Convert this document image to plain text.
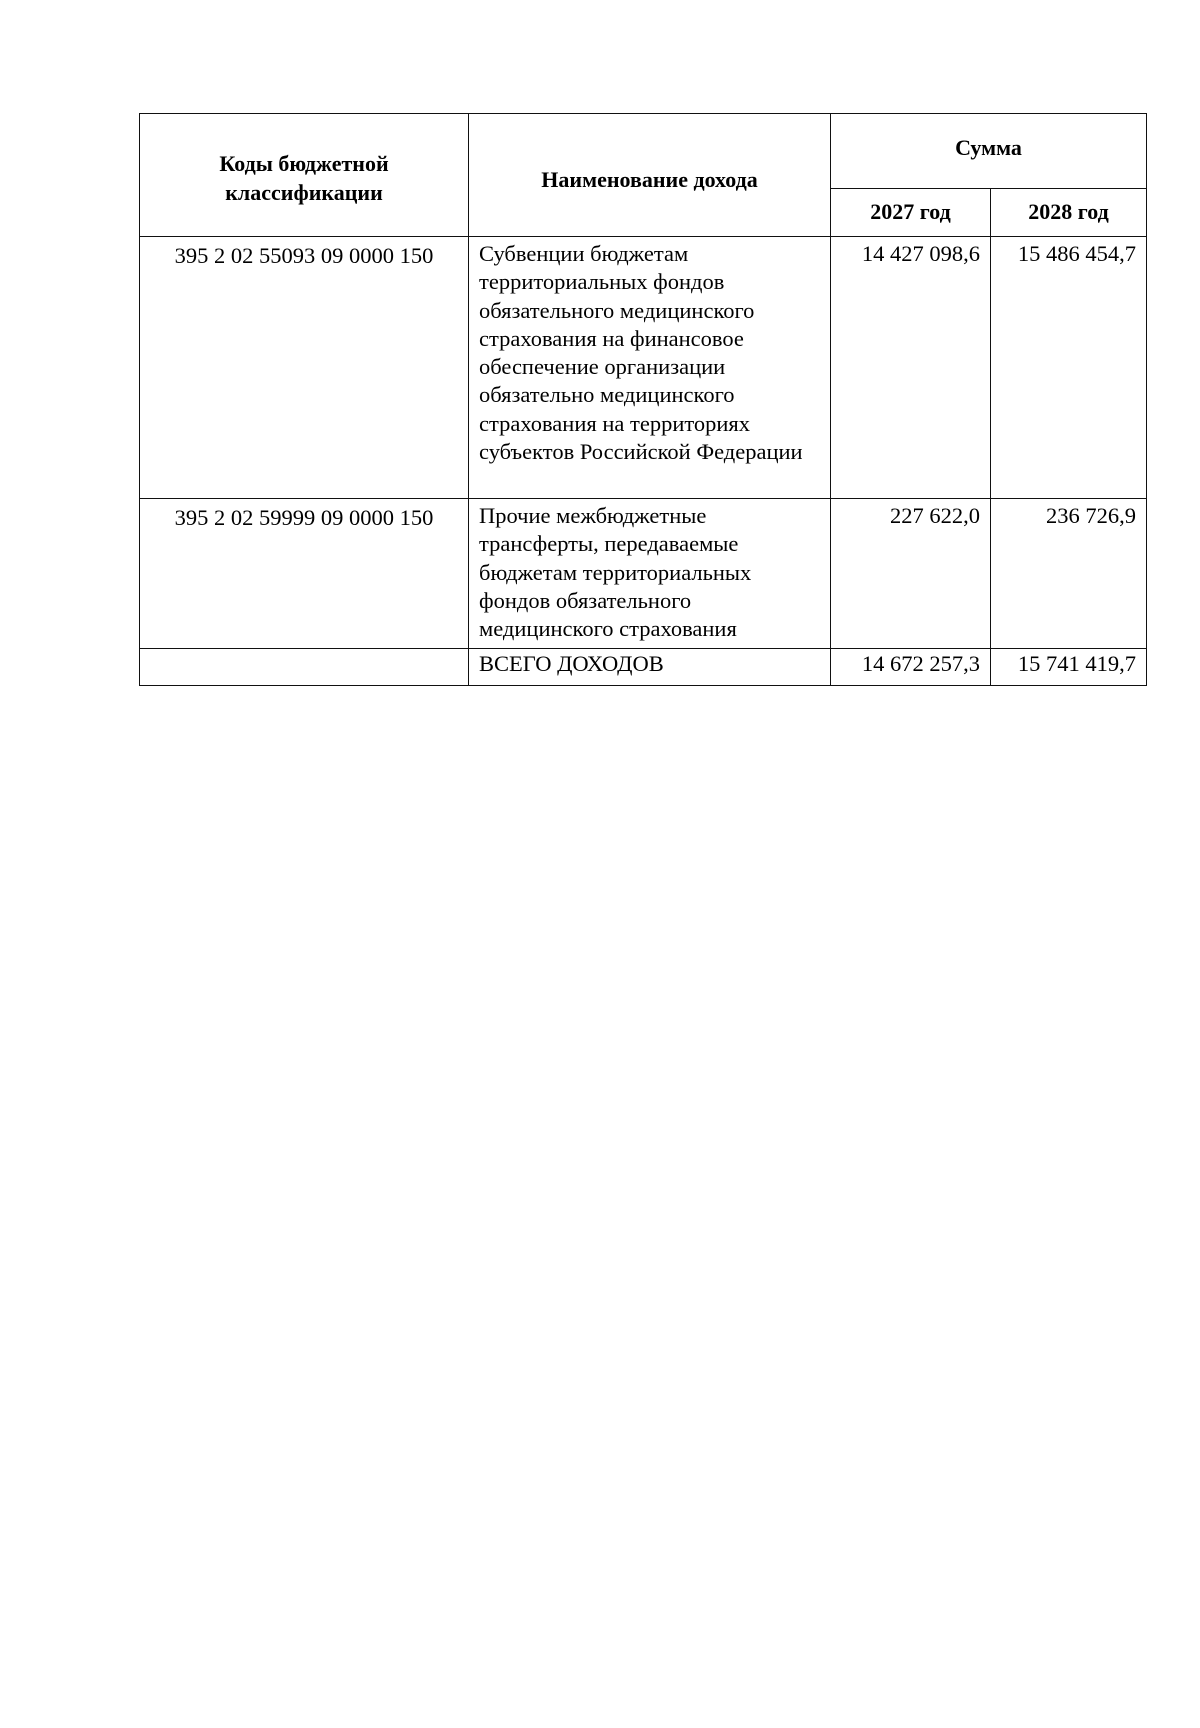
Коды бюджетной классификации	Наименование дохода	Сумма	
		2027 год	2028 год
395 2 02 55093 09 0000 150	Субвенции бюджетам территориальных фондов обязательного медицинского страхования на финансовое обеспечение организации обязательно медицинского страхования на территориях субъектов Российской Федерации	14 427 098,6	15 486 454,7
395 2 02 59999 09 0000 150	Прочие межбюджетные трансферты, передаваемые бюджетам территориальных фондов обязательного медицинского страхования	227 622,0	236 726,9
	ВСЕГО ДОХОДОВ	14 672 257,3	15 741 419,7
